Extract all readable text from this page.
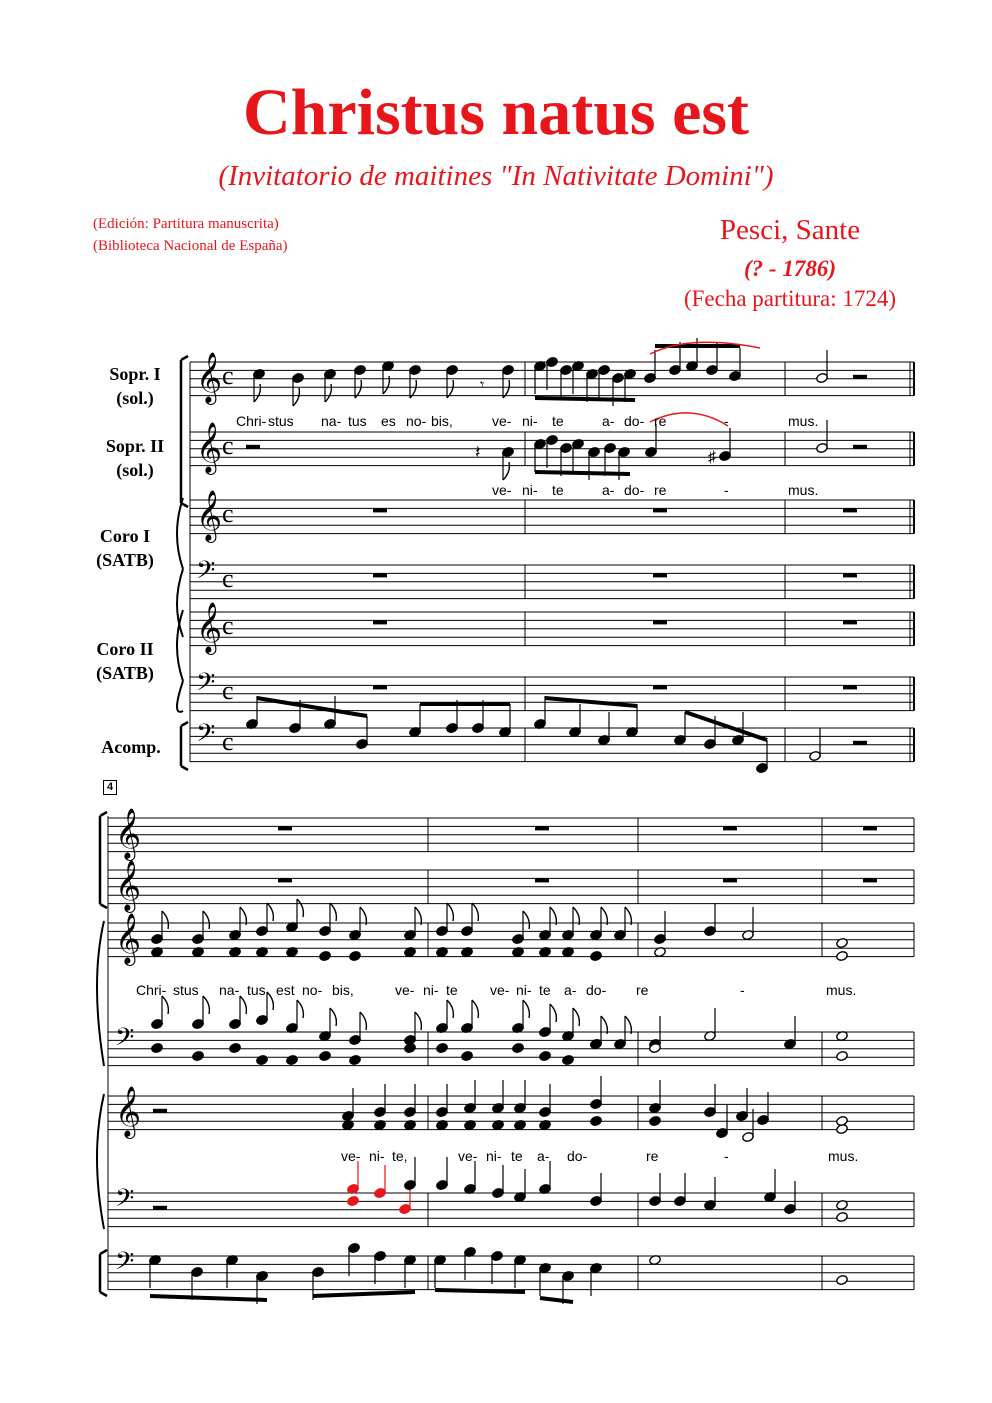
Christus natus est
(Invitatorio de maitines "In Nativitate Domini")
(Edición: Partitura manuscrita)
(Biblioteca Nacional de España)	Pesci, Sante
(? - 1786)
(Fecha partitura: 1724)
Sopr. I
(sol.)
Sopr. II
(sol.)
Coro I
(SATB)
Coro II
(SATB)
Acomp.
4
𝄞
𝄞
𝄞
𝄞
𝄢
𝄢
𝄢
c
c
c
c
c
c
c
𝄾
𝄽	♯
𝄞
𝄞
𝄞
𝄞
𝄢
𝄢
𝄢
Chri- stus na- tus es no- bis,	ve- ni- te	a- do- re	-	mus.
ve- ni- te	a- do- re	-	mus.
Chri- stus na- tus est no- bis,	ve- ni- te ve- ni- te a- do- re	-	mus.
ve- ni- te,	ve- ni- te a- do-	re	-	mus.
